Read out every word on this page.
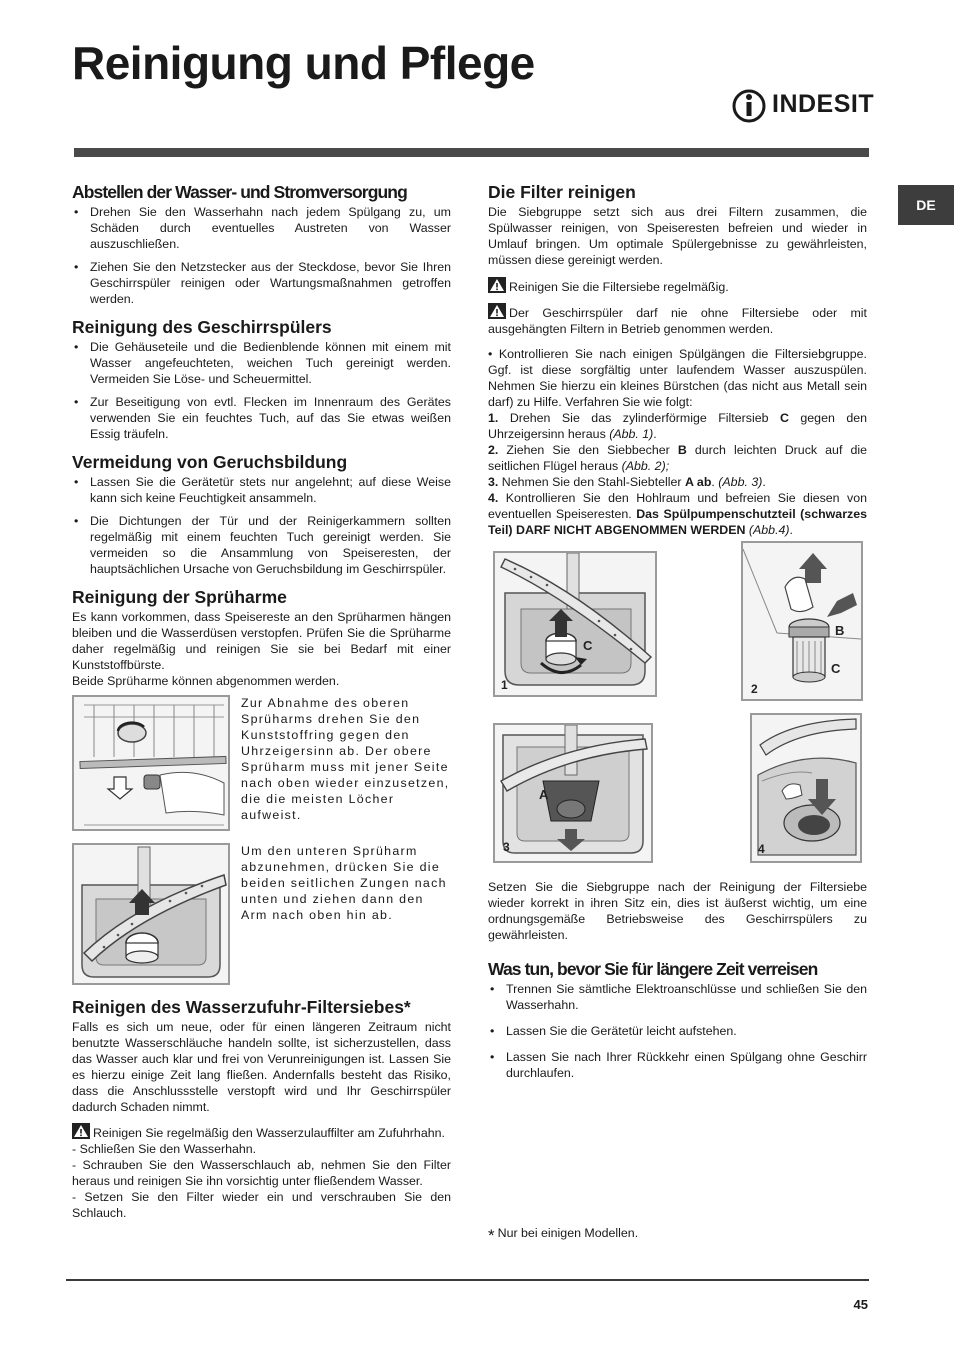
Reinigung und Pflege
INDESIT
DE
Abstellen der Wasser- und Stromversorgung
• Drehen Sie den Wasserhahn nach jedem Spülgang zu, um Schäden durch eventuelles Austreten von Wasser auszuschließen.
• Ziehen Sie den Netzstecker aus der Steckdose, bevor Sie Ihren Geschirrspüler reinigen oder Wartungsmaßnahmen getroffen werden.
Reinigung des Geschirrspülers
• Die Gehäuseteile und die Bedienblende können mit einem mit Wasser angefeuchteten, weichen Tuch gereinigt werden. Vermeiden Sie Löse- und Scheuermittel.
• Zur Beseitigung von evtl. Flecken im Innenraum des Gerätes verwenden Sie ein feuchtes Tuch, auf das Sie etwas weißen Essig träufeln.
Vermeidung von Geruchsbildung
• Lassen Sie die Gerätetür stets nur angelehnt; auf diese Weise kann sich keine Feuchtigkeit ansammeln.
• Die Dichtungen der Tür und der Reinigerkammern sollten regelmäßig mit einem feuchten Tuch gereinigt werden. Sie vermeiden so die Ansammlung von Speiseresten, der hauptsächlichen Ursache von Geruchsbildung im Geschirrspüler.
Reinigung der Sprüharme

Es kann vorkommen, dass Speisereste an den Sprüharmen hängen bleiben und die Wasserdüsen verstopfen. Prüfen Sie die Sprüharme daher regelmäßig und reinigen Sie sie bei Bedarf mit einer Kunststoffbürste.

Beide Sprüharme können abgenommen werden.

Zur Abnahme des oberen Sprüharms drehen Sie den Kunststoffring gegen den Uhrzeigersinn ab. Der obere Sprüharm muss mit jener Seite nach oben wieder einzusetzen, die die meisten Löcher aufweist.

Um den unteren Sprüharm abzunehmen, drücken Sie die beiden seitlichen Zungen nach unten und ziehen dann den Arm nach oben hin ab.

Reinigen des Wasserzufuhr-Filtersiebes*

Falls es sich um neue, oder für einen längeren Zeitraum nicht benutzte Wasserschläuche handeln sollte, ist sicherzustellen, dass das Wasser auch klar und frei von Verunreinigungen ist. Lassen Sie es hierzu einige Zeit lang fließen. Andernfalls besteht das Risiko, dass die Anschlussstelle verstopft wird und Ihr Geschirrspüler dadurch Schaden nimmt.

Reinigen Sie regelmäßig den Wasserzulauffilter am Zufuhrhahn.

- Schließen Sie den Wasserhahn.

- Schrauben Sie den Wasserschlauch ab, nehmen Sie den Filter heraus und reinigen Sie ihn vorsichtig unter fließendem Wasser.

- Setzen Sie den Filter wieder ein und verschrauben Sie den Schlauch.

Die Filter reinigen

Die Siebgruppe setzt sich aus drei Filtern zusammen, die Spülwasser reinigen, von Speiseresten befreien und wieder in Umlauf bringen. Um optimale Spülergebnisse zu gewährleisten, müssen diese gereinigt werden.

Reinigen Sie die Filtersiebe regelmäßig.

Der Geschirrspüler darf nie ohne Filtersiebe oder mit ausgehängten Filtern in Betrieb genommen werden.

• Kontrollieren Sie nach einigen Spülgängen die Filtersiebgruppe. Ggf. ist diese sorgfältig unter laufendem Wasser auszuspülen. Nehmen Sie hierzu ein kleines Bürstchen (das nicht aus Metall sein darf) zu Hilfe. Verfahren Sie wie folgt:

1. Drehen Sie das zylinderförmige Filtersieb C gegen den Uhrzeigersinn heraus (Abb. 1).

2. Ziehen Sie den Siebbecher B durch leichten Druck auf die seitlichen Flügel heraus (Abb. 2);

3. Nehmen Sie den Stahl-Siebteller A ab. (Abb. 3).

4. Kontrollieren Sie den Hohlraum und befreien Sie diesen von eventuellen Speiseresten. Das Spülpumpenschutzteil (schwarzes Teil) DARF NICHT ABGENOMMEN WERDEN (Abb.4).

C
1
B
C
2
A
3	4

Setzen Sie die Siebgruppe nach der Reinigung der Filtersiebe wieder korrekt in ihren Sitz ein, dies ist äußerst wichtig, um eine ordnungsgemäße Betriebsweise des Geschirrspülers zu gewährleisten.

Was tun, bevor Sie für längere Zeit verreisen
• Trennen Sie sämtliche Elektroanschlüsse und schließen Sie den Wasserhahn.
• Lassen Sie die Gerätetür leicht aufstehen.
• Lassen Sie nach Ihrer Rückkehr einen Spülgang ohne Geschirr durchlaufen.
* Nur bei einigen Modellen.
45
